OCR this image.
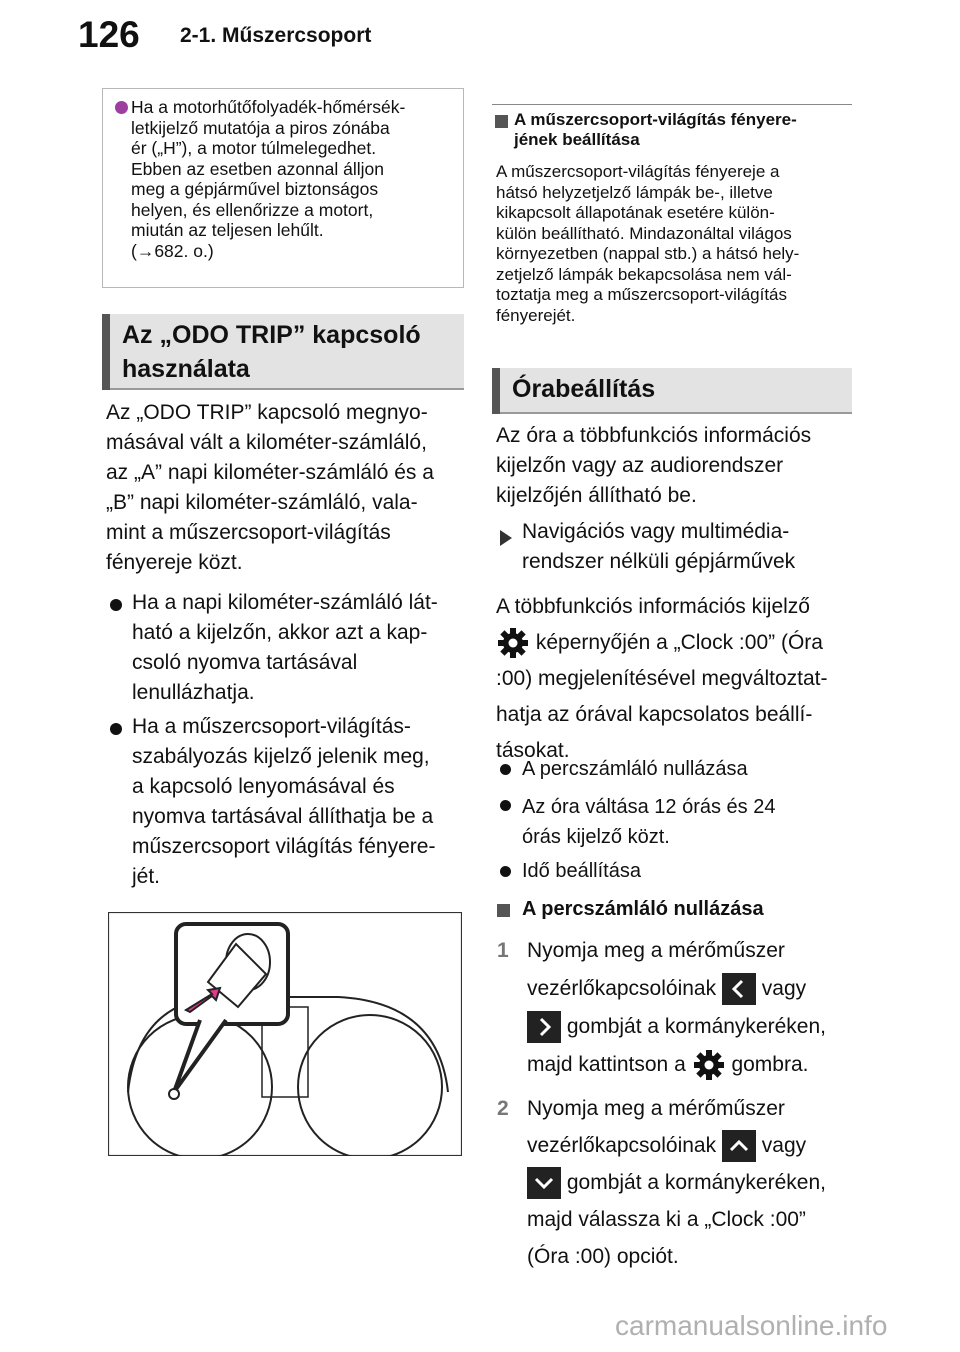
126 2-1. Műszercsoport
Ha a motorhűtőfolyadék-hőmérsék-
letkijelző mutatója a piros zónába
ér („H”), a motor túlmelegedhet.
Ebben az esetben azonnal álljon
meg a gépjárművel biztonságos
helyen, és ellenőrizze a motort,
miután az teljesen lehűlt.
(→682. o.)
Az „ODO TRIP” kapcsoló
használata
Az „ODO TRIP” kapcsoló megnyo-
másával vált a kilométer-számláló,
az „A” napi kilométer-számláló és a
„B” napi kilométer-számláló, vala-
mint a műszercsoport-világítás
fényereje közt.
Ha a napi kilométer-számláló lát-
ható a kijelzőn, akkor azt a kap-
csoló nyomva tartásával
lenullázhatja.
Ha a műszercsoport-világítás-
szabályozás kijelző jelenik meg,
a kapcsoló lenyomásával és
nyomva tartásával állíthatja be a
műszercsoport világítás fényere-
jét.
A műszercsoport-világítás fényere-
jének beállítása
A műszercsoport-világítás fényereje a
hátsó helyzetjelző lámpák be-, illetve
kikapcsolt állapotának esetére külön-
külön beállítható. Mindazonáltal világos
környezetben (nappal stb.) a hátsó hely-
zetjelző lámpák bekapcsolása nem vál-
toztatja meg a műszercsoport-világítás
fényerejét.
Órabeállítás
Az óra a többfunkciós információs
kijelzőn vagy az audiorendszer
kijelzőjén állítható be.
Navigációs vagy multimédia-
rendszer nélküli gépjárművek
A többfunkciós információs kijelző
képernyőjén a „Clock :00” (Óra
:00) megjelenítésével megváltoztat-
hatja az órával kapcsolatos beállí-
tásokat.
A percszámláló nullázása
Az óra váltása 12 órás és 24
órás kijelző közt.
Idő beállítása
A percszámláló nullázása
1 Nyomja meg a mérőműszer
vezérlőkapcsolóinak vagy
gombját a kormánykeréken,
majd kattintson a gombra.
2 Nyomja meg a mérőműszer
vezérlőkapcsolóinak vagy
gombját a kormánykeréken,
majd válassza ki a „Clock :00”
(Óra :00) opciót.
carmanualsonline.info
